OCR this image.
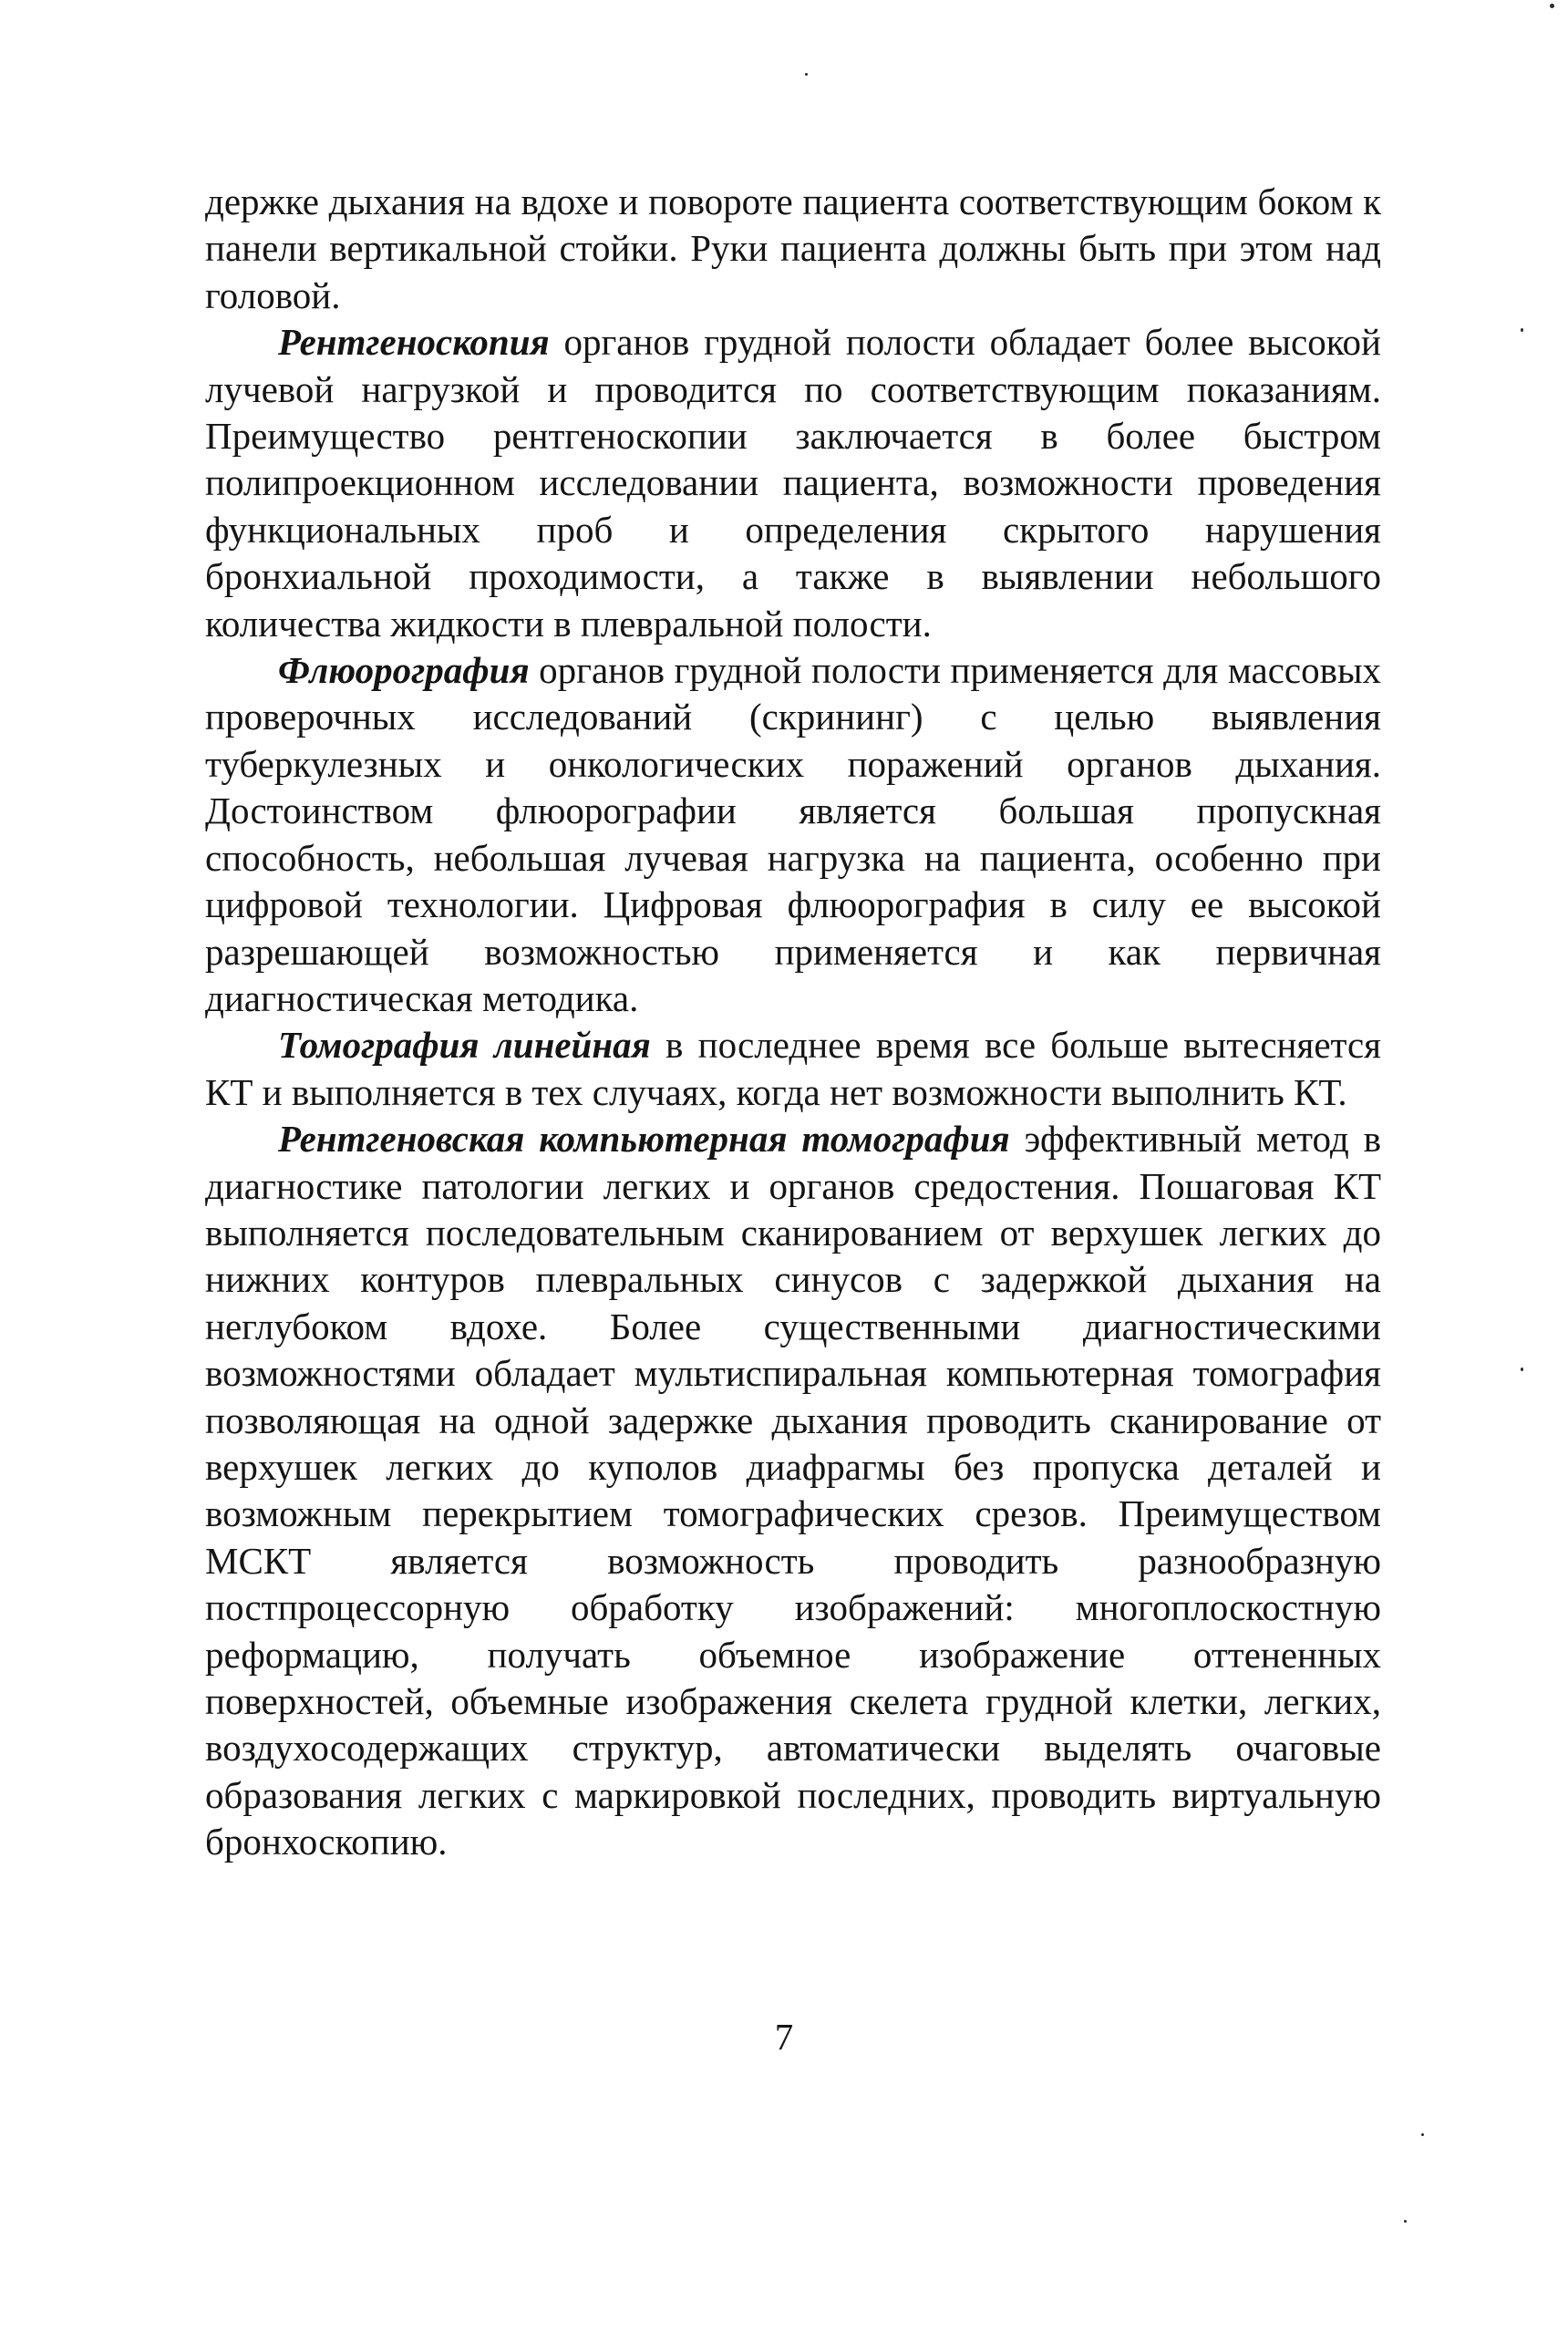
держке дыхания на вдохе и повороте пациента соответствующим боком к панели вертикальной стойки. Руки пациента должны быть при этом над головой.

Рентгеноскопия органов грудной полости обладает более высокой лучевой нагрузкой и проводится по соответствующим показаниям. Преимущество рентгеноскопии заключается в более быстром полипроекционном исследовании пациента, возможности проведения функциональных проб и определения скрытого нарушения бронхиальной проходимости, а также в выявлении небольшого количества жидкости в плевральной полости.

Флюорография органов грудной полости применяется для массовых проверочных исследований (скрининг) с целью выявления туберкулезных и онкологических поражений органов дыхания. Достоинством флюорографии является большая пропускная способность, небольшая лучевая нагрузка на пациента, особенно при цифровой технологии. Цифровая флюорография в силу ее высокой разрешающей возможностью применяется и как первичная диагностическая методика.

Томография линейная в последнее время все больше вытесняется КТ и выполняется в тех случаях, когда нет возможности выполнить КТ.

Рентгеновская компьютерная томография эффективный метод в диагностике патологии легких и органов средостения. Пошаговая КТ выполняется последовательным сканированием от верхушек легких до нижних контуров плевральных синусов с задержкой дыхания на неглубоком вдохе. Более существенными диагностическими возможностями обладает мультиспиральная компьютерная томография позволяющая на одной задержке дыхания проводить сканирование от верхушек легких до куполов диафрагмы без пропуска деталей и возможным перекрытием томографических срезов. Преимуществом МСКТ является возможность проводить разнообразную постпроцессорную обработку изображений: многоплоскостную реформацию, получать объемное изображение оттененных поверхностей, объемные изображения скелета грудной клетки, легких, воздухосодержащих структур, автоматически выделять очаговые образования легких с маркировкой последних, проводить виртуальную бронхоскопию.

7
